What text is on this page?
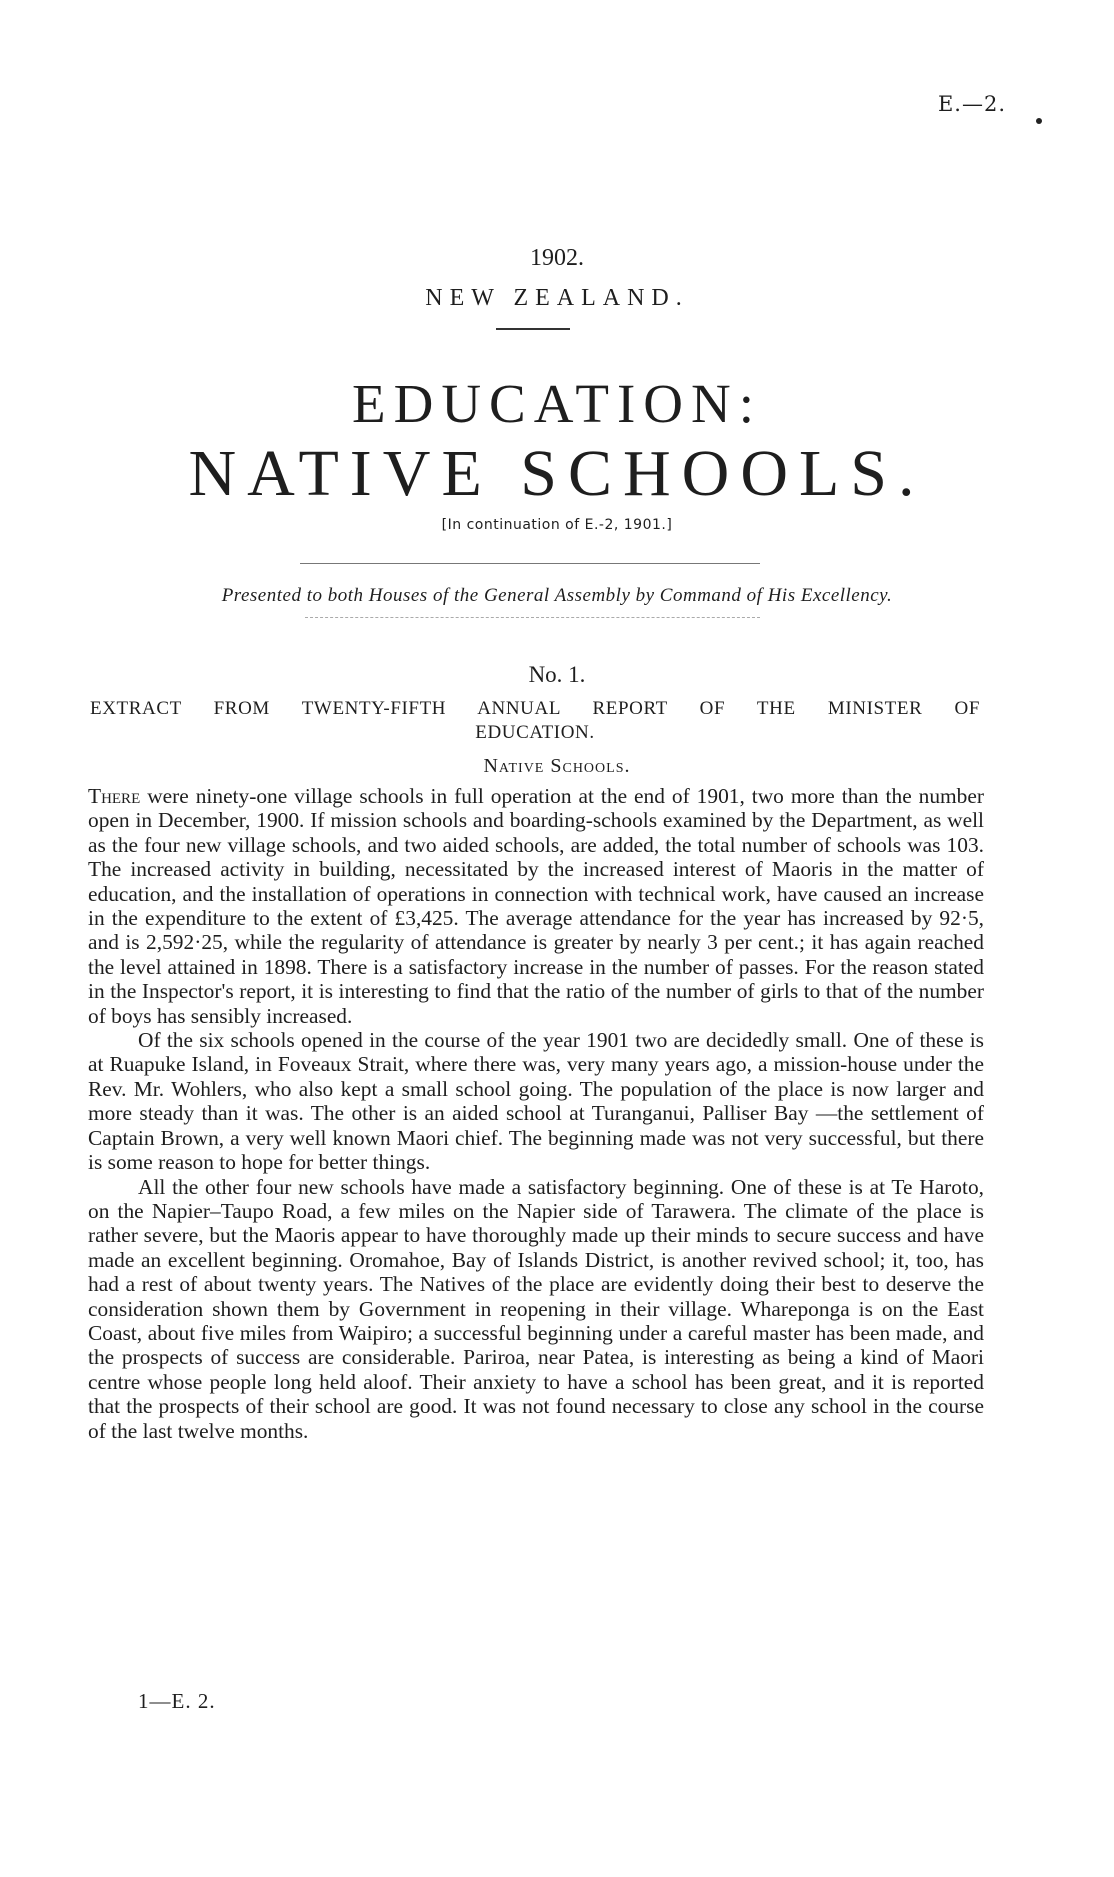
E.—2.
1902.
NEW ZEALAND.
EDUCATION:
NATIVE SCHOOLS.
[In continuation of E.-2, 1901.]
Presented to both Houses of the General Assembly by Command of His Excellency.
No. 1.
EXTRACT FROM TWENTY-FIFTH ANNUAL REPORT OF THE MINISTER OF EDUCATION.
Native Schools.

There were ninety-one village schools in full operation at the end of 1901, two more than the number open in December, 1900. If mission schools and boarding-schools examined by the Department, as well as the four new village schools, and two aided schools, are added, the total number of schools was 103. The increased activity in building, necessitated by the increased interest of Maoris in the matter of education, and the installation of operations in connection with technical work, have caused an increase in the expenditure to the extent of £3,425. The average attendance for the year has increased by 92·5, and is 2,592·25, while the regularity of attendance is greater by nearly 3 per cent.; it has again reached the level attained in 1898. There is a satisfactory increase in the number of passes. For the reason stated in the Inspector's report, it is interesting to find that the ratio of the number of girls to that of the number of boys has sensibly increased.

Of the six schools opened in the course of the year 1901 two are decidedly small. One of these is at Ruapuke Island, in Foveaux Strait, where there was, very many years ago, a mission-house under the Rev. Mr. Wohlers, who also kept a small school going. The population of the place is now larger and more steady than it was. The other is an aided school at Turanganui, Palliser Bay —the settlement of Captain Brown, a very well known Maori chief. The beginning made was not very successful, but there is some reason to hope for better things.

All the other four new schools have made a satisfactory beginning. One of these is at Te Haroto, on the Napier–Taupo Road, a few miles on the Napier side of Tarawera. The climate of the place is rather severe, but the Maoris appear to have thoroughly made up their minds to secure success and have made an excellent beginning. Oromahoe, Bay of Islands District, is another revived school; it, too, has had a rest of about twenty years. The Natives of the place are evidently doing their best to deserve the consideration shown them by Government in reopening in their village. Whareponga is on the East Coast, about five miles from Waipiro; a successful beginning under a careful master has been made, and the prospects of success are considerable. Pariroa, near Patea, is interesting as being a kind of Maori centre whose people long held aloof. Their anxiety to have a school has been great, and it is reported that the prospects of their school are good. It was not found necessary to close any school in the course of the last twelve months.

1—E. 2.
